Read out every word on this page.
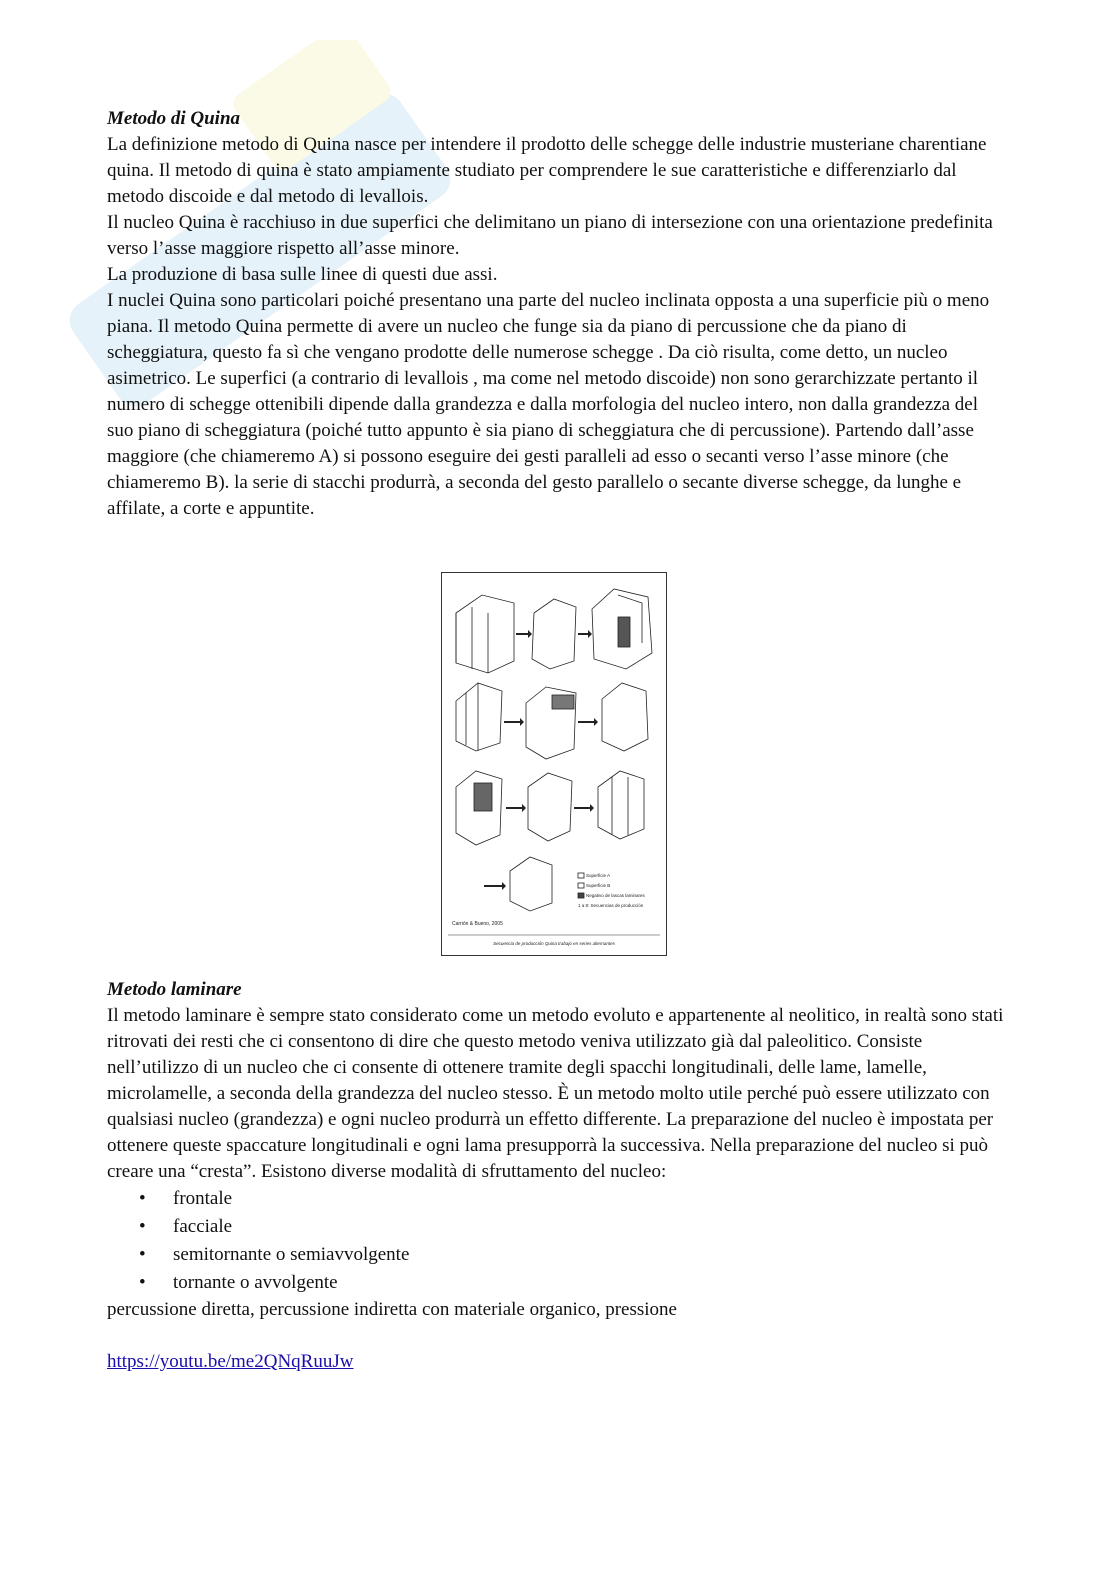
Metodo di Quina

La definizione metodo di Quina nasce per intendere il prodotto delle schegge delle industrie musteriane charentiane quina. Il metodo di quina è stato ampiamente studiato per comprendere le sue caratteristiche e differenziarlo dal metodo discoide e dal metodo di levallois.

Il nucleo Quina è racchiuso in due superfici che delimitano un piano di intersezione con una orientazione predefinita verso l’asse maggiore rispetto all’asse minore.

La produzione di basa sulle linee di questi due assi.

I nuclei Quina sono particolari poiché presentano una parte del nucleo inclinata opposta a una superficie più o meno piana. Il metodo Quina permette di avere un nucleo che funge sia da piano di percussione che da piano di scheggiatura, questo fa sì che vengano prodotte delle numerose schegge . Da ciò risulta, come detto, un nucleo asimetrico. Le superfici (a contrario di levallois , ma come nel metodo discoide) non sono gerarchizzate pertanto il numero di schegge ottenibili dipende dalla grandezza e dalla morfologia del nucleo intero, non dalla grandezza del suo piano di scheggiatura (poiché tutto appunto è sia piano di scheggiatura che di percussione). Partendo dall’asse maggiore (che chiameremo A) si possono eseguire dei gesti paralleli ad esso o secanti verso l’asse minore (che chiameremo B). la serie di stacchi produrrà, a seconda del gesto parallelo o secante diverse schegge, da lunghe e affilate, a corte e appuntite.

Metodo laminare

Il metodo laminare è sempre stato considerato come un metodo evoluto e appartenente al neolitico, in realtà sono stati ritrovati dei resti che ci consentono di dire che questo metodo veniva utilizzato già dal paleolitico. Consiste nell’utilizzo di un nucleo che ci consente di ottenere tramite degli spacchi longitudinali, delle lame, lamelle, microlamelle, a seconda della grandezza del nucleo stesso. È un metodo molto utile perché può essere utilizzato con qualsiasi nucleo (grandezza) e ogni nucleo produrrà un effetto differente. La preparazione del nucleo è impostata per ottenere queste spaccature longitudinali e ogni lama presupporrà la successiva. Nella preparazione del nucleo si può creare una “cresta”. Esistono diverse modalità di sfruttamento del nucleo:

• frontale
• facciale
• semitornante o semiavvolgente
• tornante o avvolgente

percussione diretta, percussione indiretta con materiale organico, pressione

https://youtu.be/me2QNqRuuJw

Superficie A
Superficie B
Negativo de lascas laminares
1 a 8: Secuencias de producción
Carrión & Bueno, 2005
Secuencia de producción Quina trabajo en series alternantes
